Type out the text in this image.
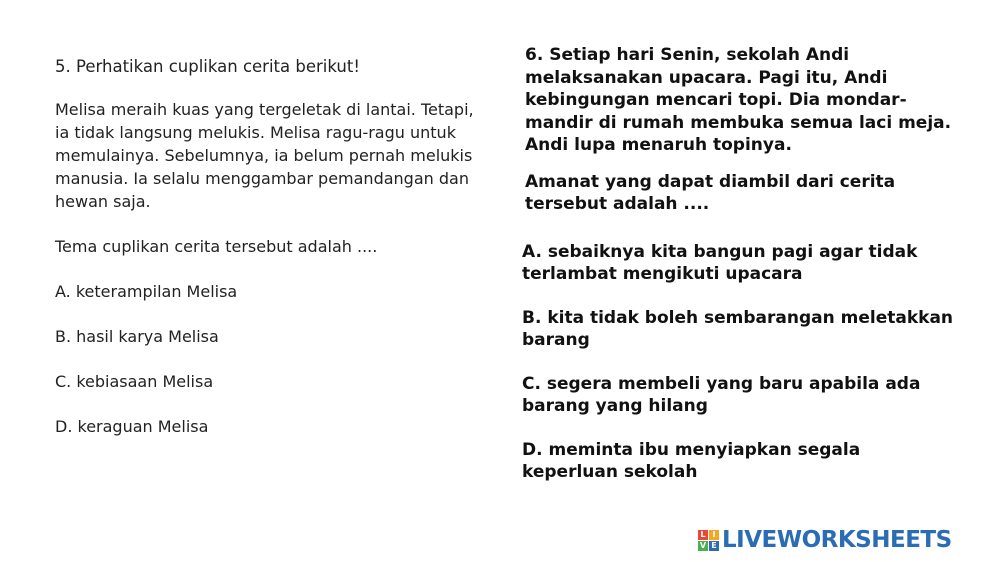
5. Perhatikan cuplikan cerita berikut!

Melisa meraih kuas yang tergeletak di lantai. Tetapi, ia tidak langsung melukis. Melisa ragu-ragu untuk memulainya. Sebelumnya, ia belum pernah melukis manusia. Ia selalu menggambar pemandangan dan hewan saja.

Tema cuplikan cerita tersebut adalah ....

A. keterampilan Melisa

B. hasil karya Melisa

C. kebiasaan Melisa

D. keraguan Melisa

6. Setiap hari Senin, sekolah Andi melaksanakan upacara. Pagi itu, Andi kebingungan mencari topi. Dia mondar-mandir di rumah membuka semua laci meja. Andi lupa menaruh topinya.

Amanat yang dapat diambil dari cerita tersebut adalah ....

A. sebaiknya kita bangun pagi agar tidak terlambat mengikuti upacara

B. kita tidak boleh sembarangan meletakkan barang

C. segera membeli yang baru apabila ada barang yang hilang

D. meminta ibu menyiapkan segala keperluan sekolah

L I
V E LIVEWORKSHEETS
